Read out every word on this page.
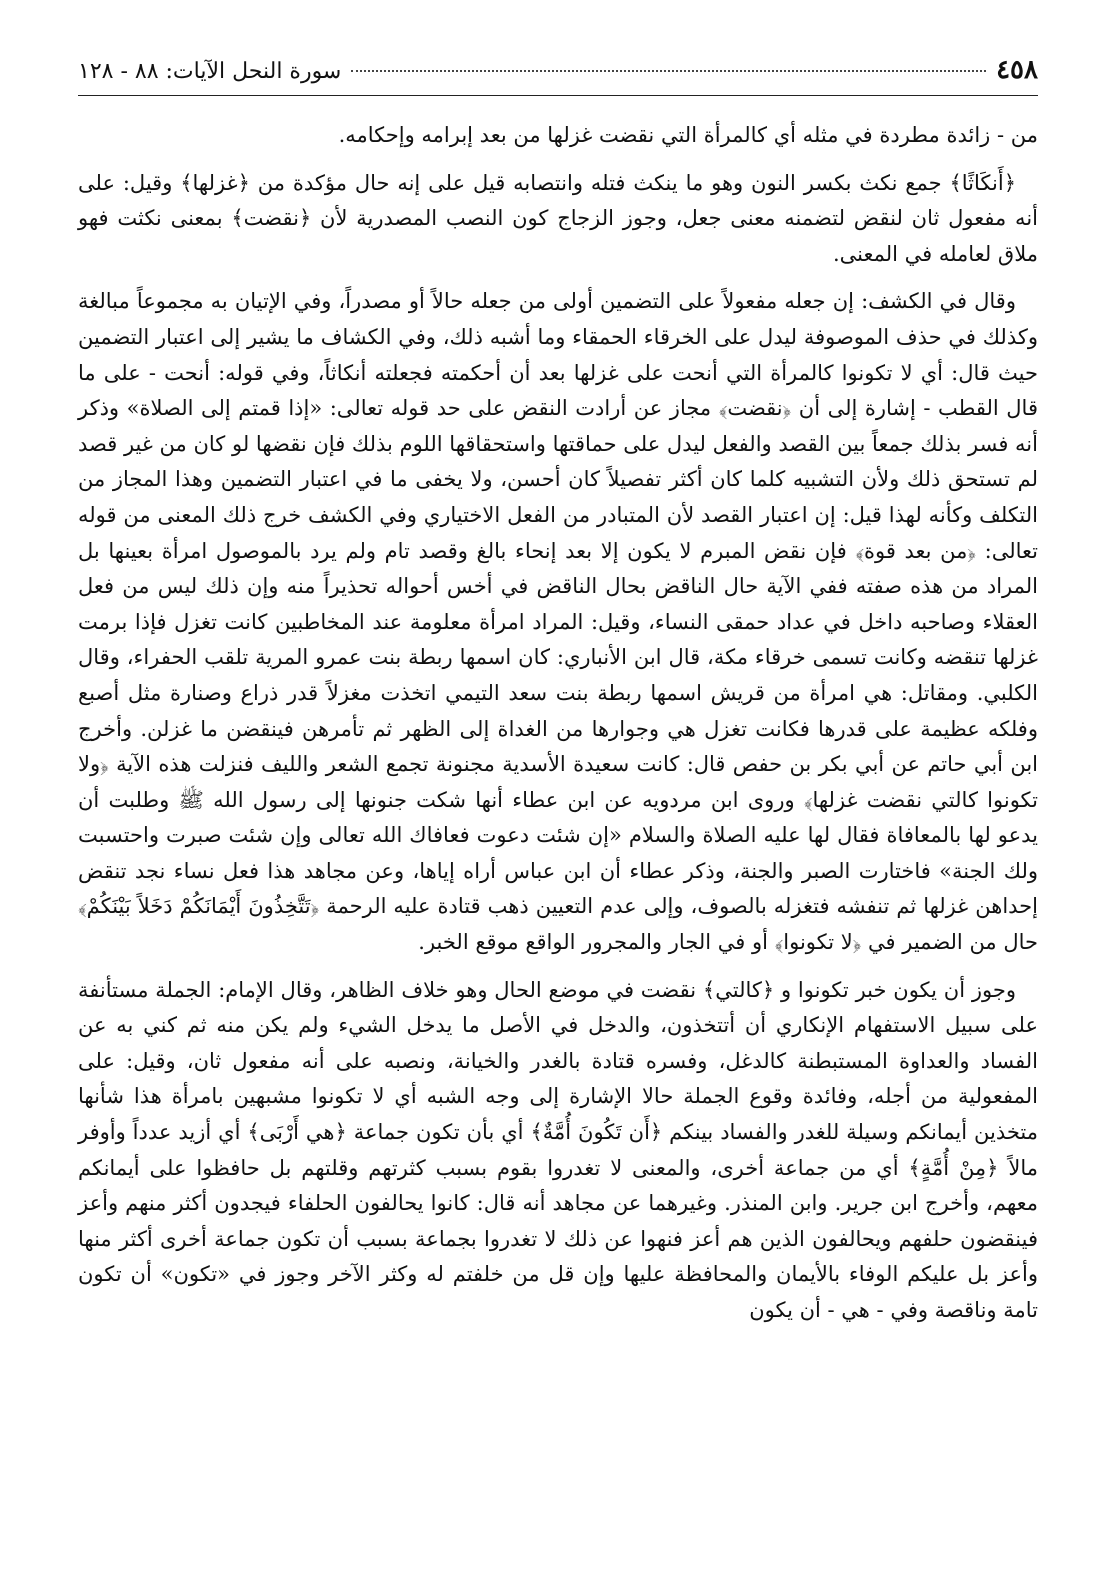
٤٥٨
سورة النحل الآيات: ٨٨ - ١٢٨

من - زائدة مطردة في مثله أي كالمرأة التي نقضت غزلها من بعد إبرامه وإحكامه.

﴿أَنكَاثًا﴾ جمع نكث بكسر النون وهو ما ينكث فتله وانتصابه قيل على إنه حال مؤكدة من ﴿غزلها﴾ وقيل: على أنه مفعول ثان لنقض لتضمنه معنى جعل، وجوز الزجاج كون النصب المصدرية لأن ﴿نقضت﴾ بمعنى نكثت فهو ملاق لعامله في المعنى.

وقال في الكشف: إن جعله مفعولاً على التضمين أولى من جعله حالاً أو مصدراً، وفي الإتيان به مجموعاً مبالغة وكذلك في حذف الموصوفة ليدل على الخرقاء الحمقاء وما أشبه ذلك، وفي الكشاف ما يشير إلى اعتبار التضمين حيث قال: أي لا تكونوا كالمرأة التي أنحت على غزلها بعد أن أحكمته فجعلته أنكاثاً، وفي قوله: أنحت - على ما قال القطب - إشارة إلى أن ﴿نقضت﴾ مجاز عن أرادت النقض على حد قوله تعالى: «إذا قمتم إلى الصلاة» وذكر أنه فسر بذلك جمعاً بين القصد والفعل ليدل على حماقتها واستحقاقها اللوم بذلك فإن نقضها لو كان من غير قصد لم تستحق ذلك ولأن التشبيه كلما كان أكثر تفصيلاً كان أحسن، ولا يخفى ما في اعتبار التضمين وهذا المجاز من التكلف وكأنه لهذا قيل: إن اعتبار القصد لأن المتبادر من الفعل الاختياري وفي الكشف خرج ذلك المعنى من قوله تعالى: ﴿من بعد قوة﴾ فإن نقض المبرم لا يكون إلا بعد إنحاء بالغ وقصد تام ولم يرد بالموصول امرأة بعينها بل المراد من هذه صفته ففي الآية حال الناقض بحال الناقض في أخس أحواله تحذيراً منه وإن ذلك ليس من فعل العقلاء وصاحبه داخل في عداد حمقى النساء، وقيل: المراد امرأة معلومة عند المخاطبين كانت تغزل فإذا برمت غزلها تنقضه وكانت تسمى خرقاء مكة، قال ابن الأنباري: كان اسمها ربطة بنت عمرو المرية تلقب الحفراء، وقال الكلبي. ومقاتل: هي امرأة من قريش اسمها ربطة بنت سعد التيمي اتخذت مغزلاً قدر ذراع وصنارة مثل أصبع وفلكه عظيمة على قدرها فكانت تغزل هي وجوارها من الغداة إلى الظهر ثم تأمرهن فينقضن ما غزلن. وأخرج ابن أبي حاتم عن أبي بكر بن حفص قال: كانت سعيدة الأسدية مجنونة تجمع الشعر والليف فنزلت هذه الآية ﴿ولا تكونوا كالتي نقضت غزلها﴾ وروى ابن مردويه عن ابن عطاء أنها شكت جنونها إلى رسول الله ﷺ وطلبت أن يدعو لها بالمعافاة فقال لها عليه الصلاة والسلام «إن شئت دعوت فعافاك الله تعالى وإن شئت صبرت واحتسبت ولك الجنة» فاختارت الصبر والجنة، وذكر عطاء أن ابن عباس أراه إياها، وعن مجاهد هذا فعل نساء نجد تنقض إحداهن غزلها ثم تنفشه فتغزله بالصوف، وإلى عدم التعيين ذهب قتادة عليه الرحمة ﴿تَتَّخِذُونَ أَيْمَانَكُمْ دَخَلاً بَيْنَكُمْ﴾ حال من الضمير في ﴿لا تكونوا﴾ أو في الجار والمجرور الواقع موقع الخبر.

وجوز أن يكون خبر تكونوا و ﴿كالتي﴾ نقضت في موضع الحال وهو خلاف الظاهر، وقال الإمام: الجملة مستأنفة على سبيل الاستفهام الإنكاري أن أتتخذون، والدخل في الأصل ما يدخل الشيء ولم يكن منه ثم كني به عن الفساد والعداوة المستبطنة كالدغل، وفسره قتادة بالغدر والخيانة، ونصبه على أنه مفعول ثان، وقيل: على المفعولية من أجله، وفائدة وقوع الجملة حالا الإشارة إلى وجه الشبه أي لا تكونوا مشبهين بامرأة هذا شأنها متخذين أيمانكم وسيلة للغدر والفساد بينكم ﴿أَن تَكُونَ أُمَّةٌ﴾ أي بأن تكون جماعة ﴿هي أَرْبَى﴾ أي أزيد عدداً وأوفر مالاً ﴿مِنْ أُمَّةٍ﴾ أي من جماعة أخرى، والمعنى لا تغدروا بقوم بسبب كثرتهم وقلتهم بل حافظوا على أيمانكم معهم، وأخرج ابن جرير. وابن المنذر. وغيرهما عن مجاهد أنه قال: كانوا يحالفون الحلفاء فيجدون أكثر منهم وأعز فينقضون حلفهم ويحالفون الذين هم أعز فنهوا عن ذلك لا تغدروا بجماعة بسبب أن تكون جماعة أخرى أكثر منها وأعز بل عليكم الوفاء بالأيمان والمحافظة عليها وإن قل من خلفتم له وكثر الآخر وجوز في «تكون» أن تكون تامة وناقصة وفي - هي - أن يكون
